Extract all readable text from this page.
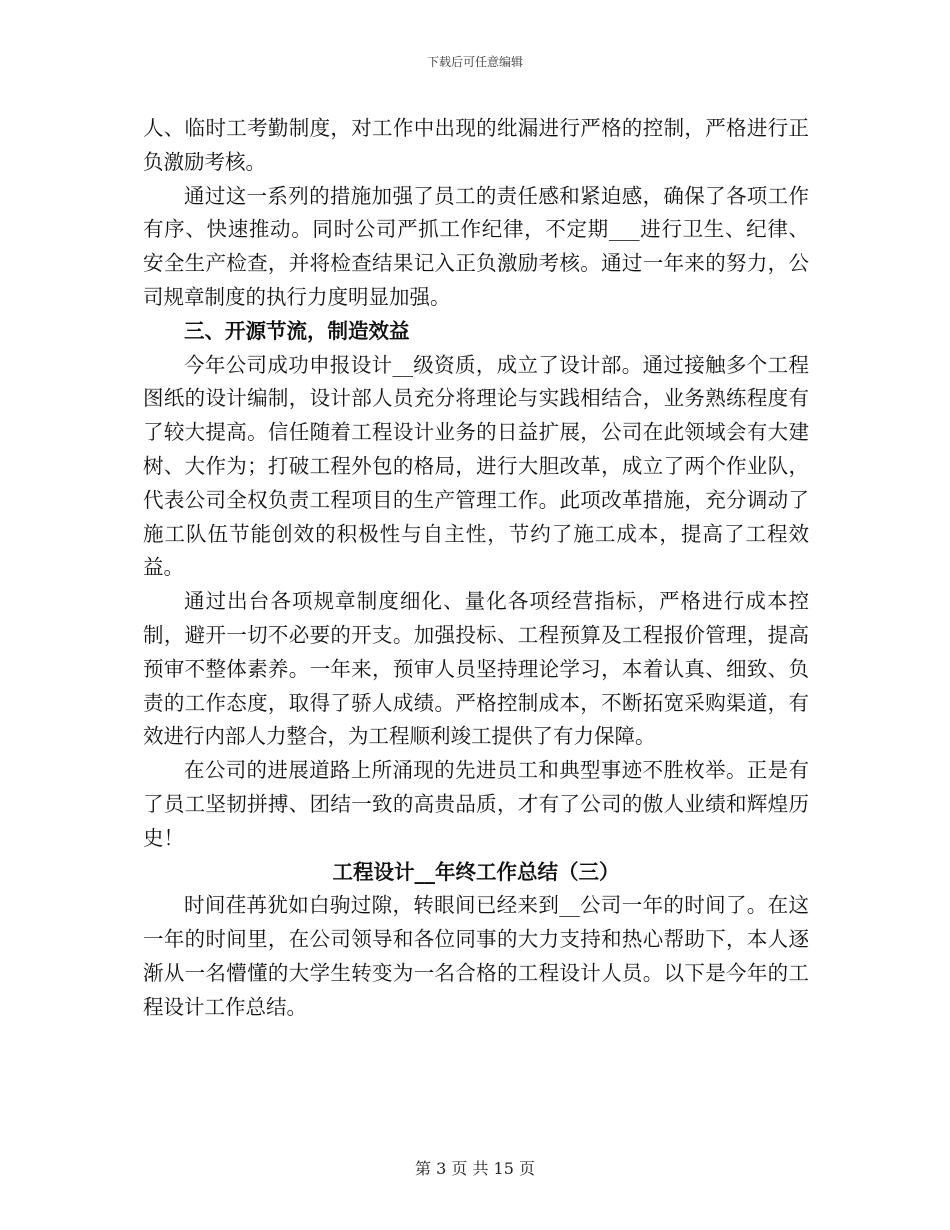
下载后可任意编辑

人、临时工考勤制度，对工作中出现的纰漏进行严格的控制，严格进行正负激励考核。

通过这一系列的措施加强了员工的责任感和紧迫感，确保了各项工作有序、快速推动。同时公司严抓工作纪律，不定期___进行卫生、纪律、安全生产检查，并将检查结果记入正负激励考核。通过一年来的努力，公司规章制度的执行力度明显加强。

三、开源节流，制造效益

今年公司成功申报设计__级资质，成立了设计部。通过接触多个工程图纸的设计编制，设计部人员充分将理论与实践相结合，业务熟练程度有了较大提高。信任随着工程设计业务的日益扩展，公司在此领域会有大建树、大作为；打破工程外包的格局，进行大胆改革，成立了两个作业队，代表公司全权负责工程项目的生产管理工作。此项改革措施，充分调动了施工队伍节能创效的积极性与自主性，节约了施工成本，提高了工程效益。

通过出台各项规章制度细化、量化各项经营指标，严格进行成本控制，避开一切不必要的开支。加强投标、工程预算及工程报价管理，提高预审不整体素养。一年来，预审人员坚持理论学习，本着认真、细致、负责的工作态度，取得了骄人成绩。严格控制成本，不断拓宽采购渠道，有效进行内部人力整合，为工程顺利竣工提供了有力保障。

在公司的进展道路上所涌现的先进员工和典型事迹不胜枚举。正是有了员工坚韧拼搏、团结一致的高贵品质，才有了公司的傲人业绩和辉煌历史！

工程设计__年终工作总结（三）

时间荏苒犹如白驹过隙，转眼间已经来到__公司一年的时间了。在这一年的时间里，在公司领导和各位同事的大力支持和热心帮助下，本人逐渐从一名懵懂的大学生转变为一名合格的工程设计人员。以下是今年的工程设计工作总结。

第 3 页 共 15 页
